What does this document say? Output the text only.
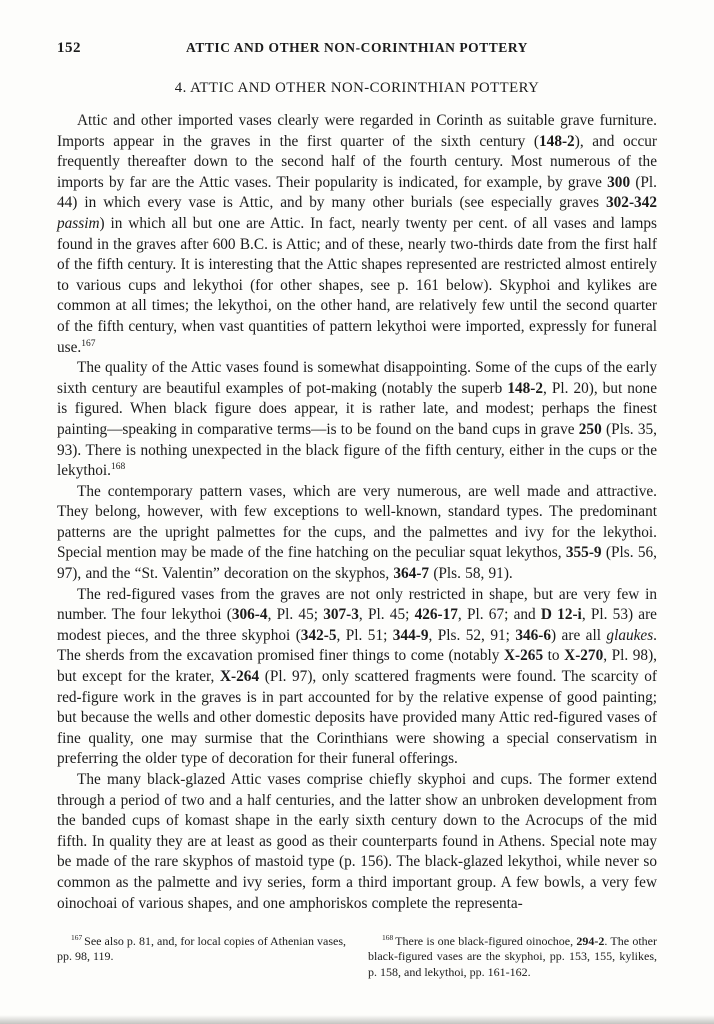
152	ATTIC AND OTHER NON-CORINTHIAN POTTERY
4. ATTIC AND OTHER NON-CORINTHIAN POTTERY

Attic and other imported vases clearly were regarded in Corinth as suitable grave furniture. Imports appear in the graves in the first quarter of the sixth century (148-2), and occur frequently thereafter down to the second half of the fourth century. Most numerous of the imports by far are the Attic vases. Their popularity is indicated, for example, by grave 300 (Pl. 44) in which every vase is Attic, and by many other burials (see especially graves 302-342 passim) in which all but one are Attic. In fact, nearly twenty per cent. of all vases and lamps found in the graves after 600 B.C. is Attic; and of these, nearly two-thirds date from the first half of the fifth century. It is interesting that the Attic shapes represented are restricted almost entirely to various cups and lekythoi (for other shapes, see p. 161 below). Skyphoi and kylikes are common at all times; the lekythoi, on the other hand, are relatively few until the second quarter of the fifth century, when vast quantities of pattern lekythoi were imported, expressly for funeral use.$^{167}$

The quality of the Attic vases found is somewhat disappointing. Some of the cups of the early sixth century are beautiful examples of pot-making (notably the superb 148-2, Pl. 20), but none is figured. When black figure does appear, it is rather late, and modest; perhaps the finest painting—speaking in comparative terms—is to be found on the band cups in grave 250 (Pls. 35, 93). There is nothing unexpected in the black figure of the fifth century, either in the cups or the lekythoi.$^{168}$

The contemporary pattern vases, which are very numerous, are well made and attractive. They belong, however, with few exceptions to well-known, standard types. The predominant patterns are the upright palmettes for the cups, and the palmettes and ivy for the lekythoi. Special mention may be made of the fine hatching on the peculiar squat lekythos, 355-9 (Pls. 56, 97), and the “St. Valentin” decoration on the skyphos, 364-7 (Pls. 58, 91).

The red-figured vases from the graves are not only restricted in shape, but are very few in number. The four lekythoi (306-4, Pl. 45; 307-3, Pl. 45; 426-17, Pl. 67; and D 12-i, Pl. 53) are modest pieces, and the three skyphoi (342-5, Pl. 51; 344-9, Pls. 52, 91; 346-6) are all glaukes. The sherds from the excavation promised finer things to come (notably X-265 to X-270, Pl. 98), but except for the krater, X-264 (Pl. 97), only scattered fragments were found. The scarcity of red-figure work in the graves is in part accounted for by the relative expense of good painting; but because the wells and other domestic deposits have provided many Attic red-figured vases of fine quality, one may surmise that the Corinthians were showing a special conservatism in preferring the older type of decoration for their funeral offerings.

The many black-glazed Attic vases comprise chiefly skyphoi and cups. The former extend through a period of two and a half centuries, and the latter show an unbroken development from the banded cups of komast shape in the early sixth century down to the Acrocups of the mid fifth. In quality they are at least as good as their counterparts found in Athens. Special note may be made of the rare skyphos of mastoid type (p. 156). The black-glazed lekythoi, while never so common as the palmette and ivy series, form a third important group. A few bowls, a very few oinochoai of various shapes, and one amphoriskos complete the representa-

$^{167}$ See also p. 81, and, for local copies of Athenian vases, pp. 98, 119.
$^{168}$ There is one black-figured oinochoe, 294-2. The other black-figured vases are the skyphoi, pp. 153, 155, kylikes, p. 158, and lekythoi, pp. 161-162.
